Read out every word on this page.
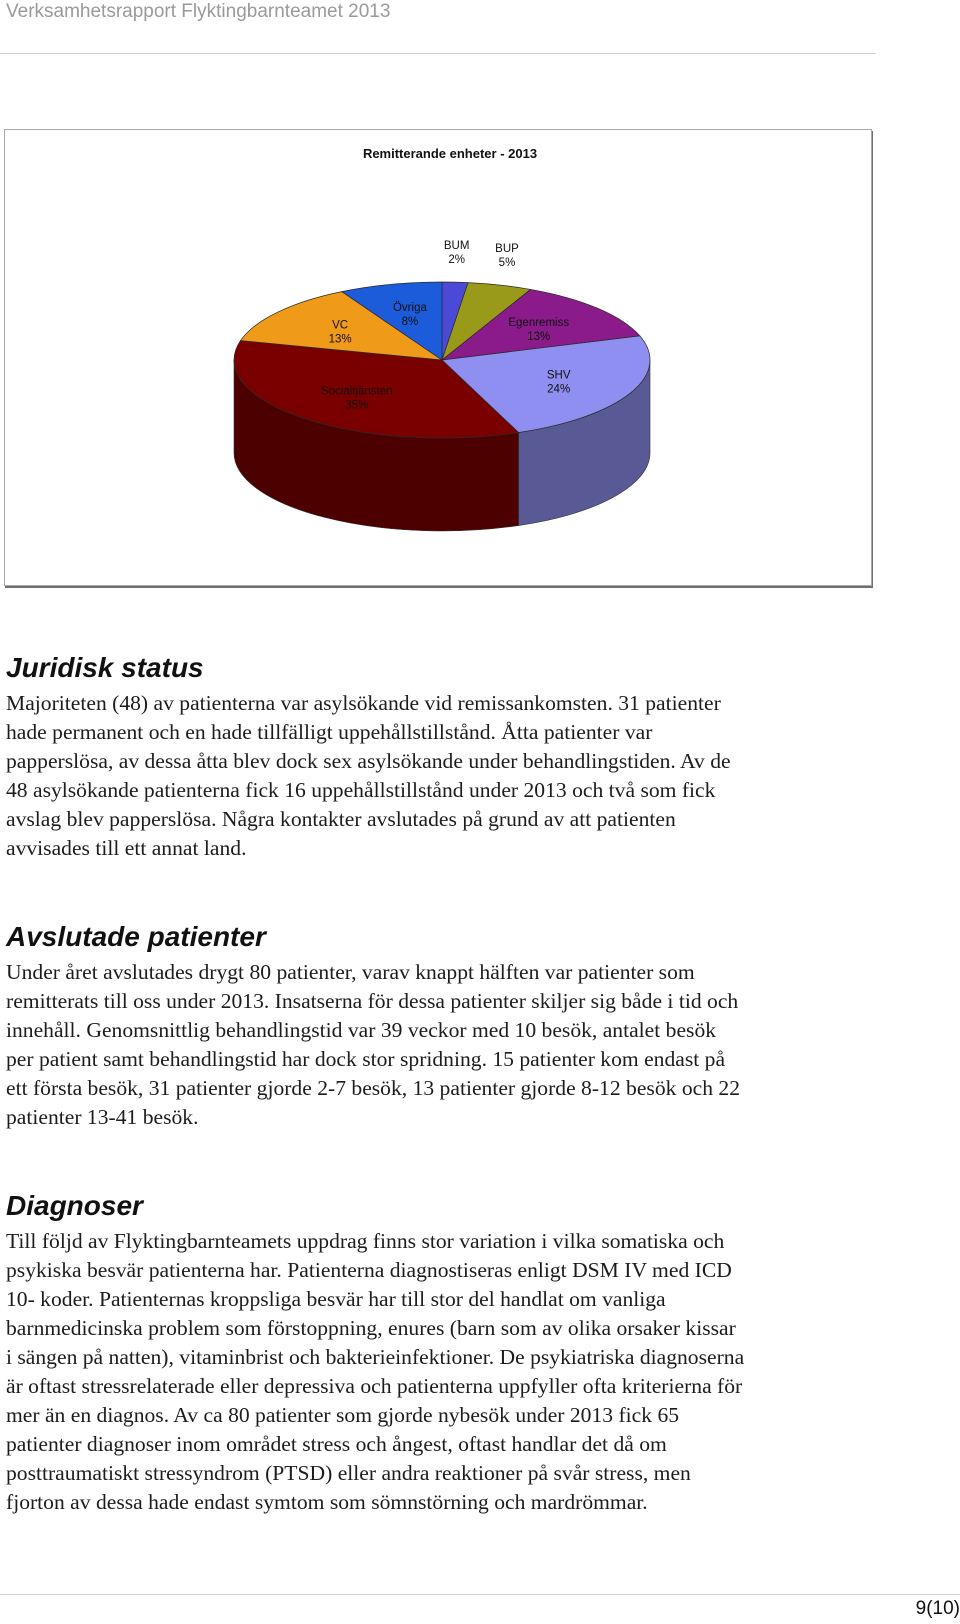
Verksamhetsrapport Flyktingbarnteamet 2013
Remitterande enheter - 2013
BUM
2%
BUP
5%
Egenremiss
13%
SHV
24%
Socialtjänsten
35%
VC
13%
Övriga
8%
Juridisk status

Majoriteten (48) av patienterna var asylsökande vid remissankomsten. 31 patienter
hade permanent och en hade tillfälligt uppehållstillstånd. Åtta patienter var
papperslösa, av dessa åtta blev dock sex asylsökande under behandlingstiden. Av de
48 asylsökande patienterna fick 16 uppehållstillstånd under 2013 och två som fick
avslag blev papperslösa. Några kontakter avslutades på grund av att patienten
avvisades till ett annat land.

Avslutade patienter

Under året avslutades drygt 80 patienter, varav knappt hälften var patienter som
remitterats till oss under 2013. Insatserna för dessa patienter skiljer sig både i tid och
innehåll. Genomsnittlig behandlingstid var 39 veckor med 10 besök, antalet besök
per patient samt behandlingstid har dock stor spridning. 15 patienter kom endast på
ett första besök, 31 patienter gjorde 2-7 besök, 13 patienter gjorde 8-12 besök och 22
patienter 13-41 besök.

Diagnoser

Till följd av Flyktingbarnteamets uppdrag finns stor variation i vilka somatiska och
psykiska besvär patienterna har. Patienterna diagnostiseras enligt DSM IV med ICD
10- koder. Patienternas kroppsliga besvär har till stor del handlat om vanliga
barnmedicinska problem som förstoppning, enures (barn som av olika orsaker kissar
i sängen på natten), vitaminbrist och bakterieinfektioner. De psykiatriska diagnoserna
är oftast stressrelaterade eller depressiva och patienterna uppfyller ofta kriterierna för
mer än en diagnos. Av ca 80 patienter som gjorde nybesök under 2013 fick 65
patienter diagnoser inom området stress och ångest, oftast handlar det då om
posttraumatiskt stressyndrom (PTSD) eller andra reaktioner på svår stress, men
fjorton av dessa hade endast symtom som sömnstörning och mardrömmar.

9(10)
